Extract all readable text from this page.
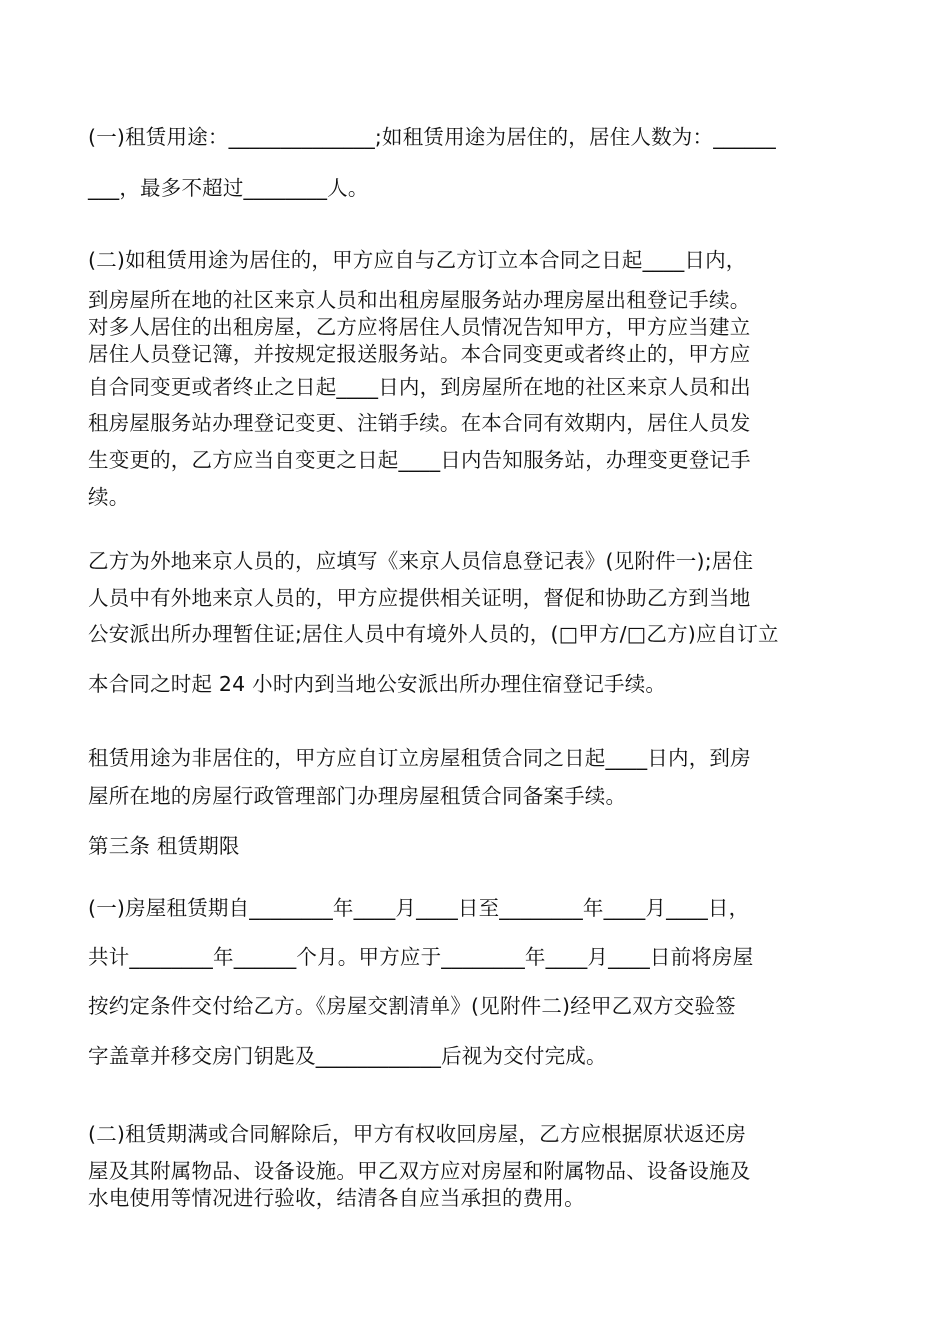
(一)租赁用途：______________;如租赁用途为居住的，居住人数为：______
___，最多不超过________人。
(二)如租赁用途为居住的，甲方应自与乙方订立本合同之日起____日内，
到房屋所在地的社区来京人员和出租房屋服务站办理房屋出租登记手续。
对多人居住的出租房屋，乙方应将居住人员情况告知甲方，甲方应当建立
居住人员登记簿，并按规定报送服务站。本合同变更或者终止的，甲方应
自合同变更或者终止之日起____日内，到房屋所在地的社区来京人员和出
租房屋服务站办理登记变更、注销手续。在本合同有效期内，居住人员发
生变更的，乙方应当自变更之日起____日内告知服务站，办理变更登记手
续。
乙方为外地来京人员的，应填写《来京人员信息登记表》(见附件一);居住
人员中有外地来京人员的，甲方应提供相关证明，督促和协助乙方到当地
公安派出所办理暂住证;居住人员中有境外人员的，(□甲方/□乙方)应自订立
本合同之时起 24 小时内到当地公安派出所办理住宿登记手续。
租赁用途为非居住的，甲方应自订立房屋租赁合同之日起____日内，到房
屋所在地的房屋行政管理部门办理房屋租赁合同备案手续。
第三条 租赁期限
(一)房屋租赁期自________年____月____日至________年____月____日，
共计________年______个月。甲方应于________年____月____日前将房屋
按约定条件交付给乙方。《房屋交割清单》(见附件二)经甲乙双方交验签
字盖章并移交房门钥匙及____________后视为交付完成。
(二)租赁期满或合同解除后，甲方有权收回房屋，乙方应根据原状返还房
屋及其附属物品、设备设施。甲乙双方应对房屋和附属物品、设备设施及
水电使用等情况进行验收，结清各自应当承担的费用。
